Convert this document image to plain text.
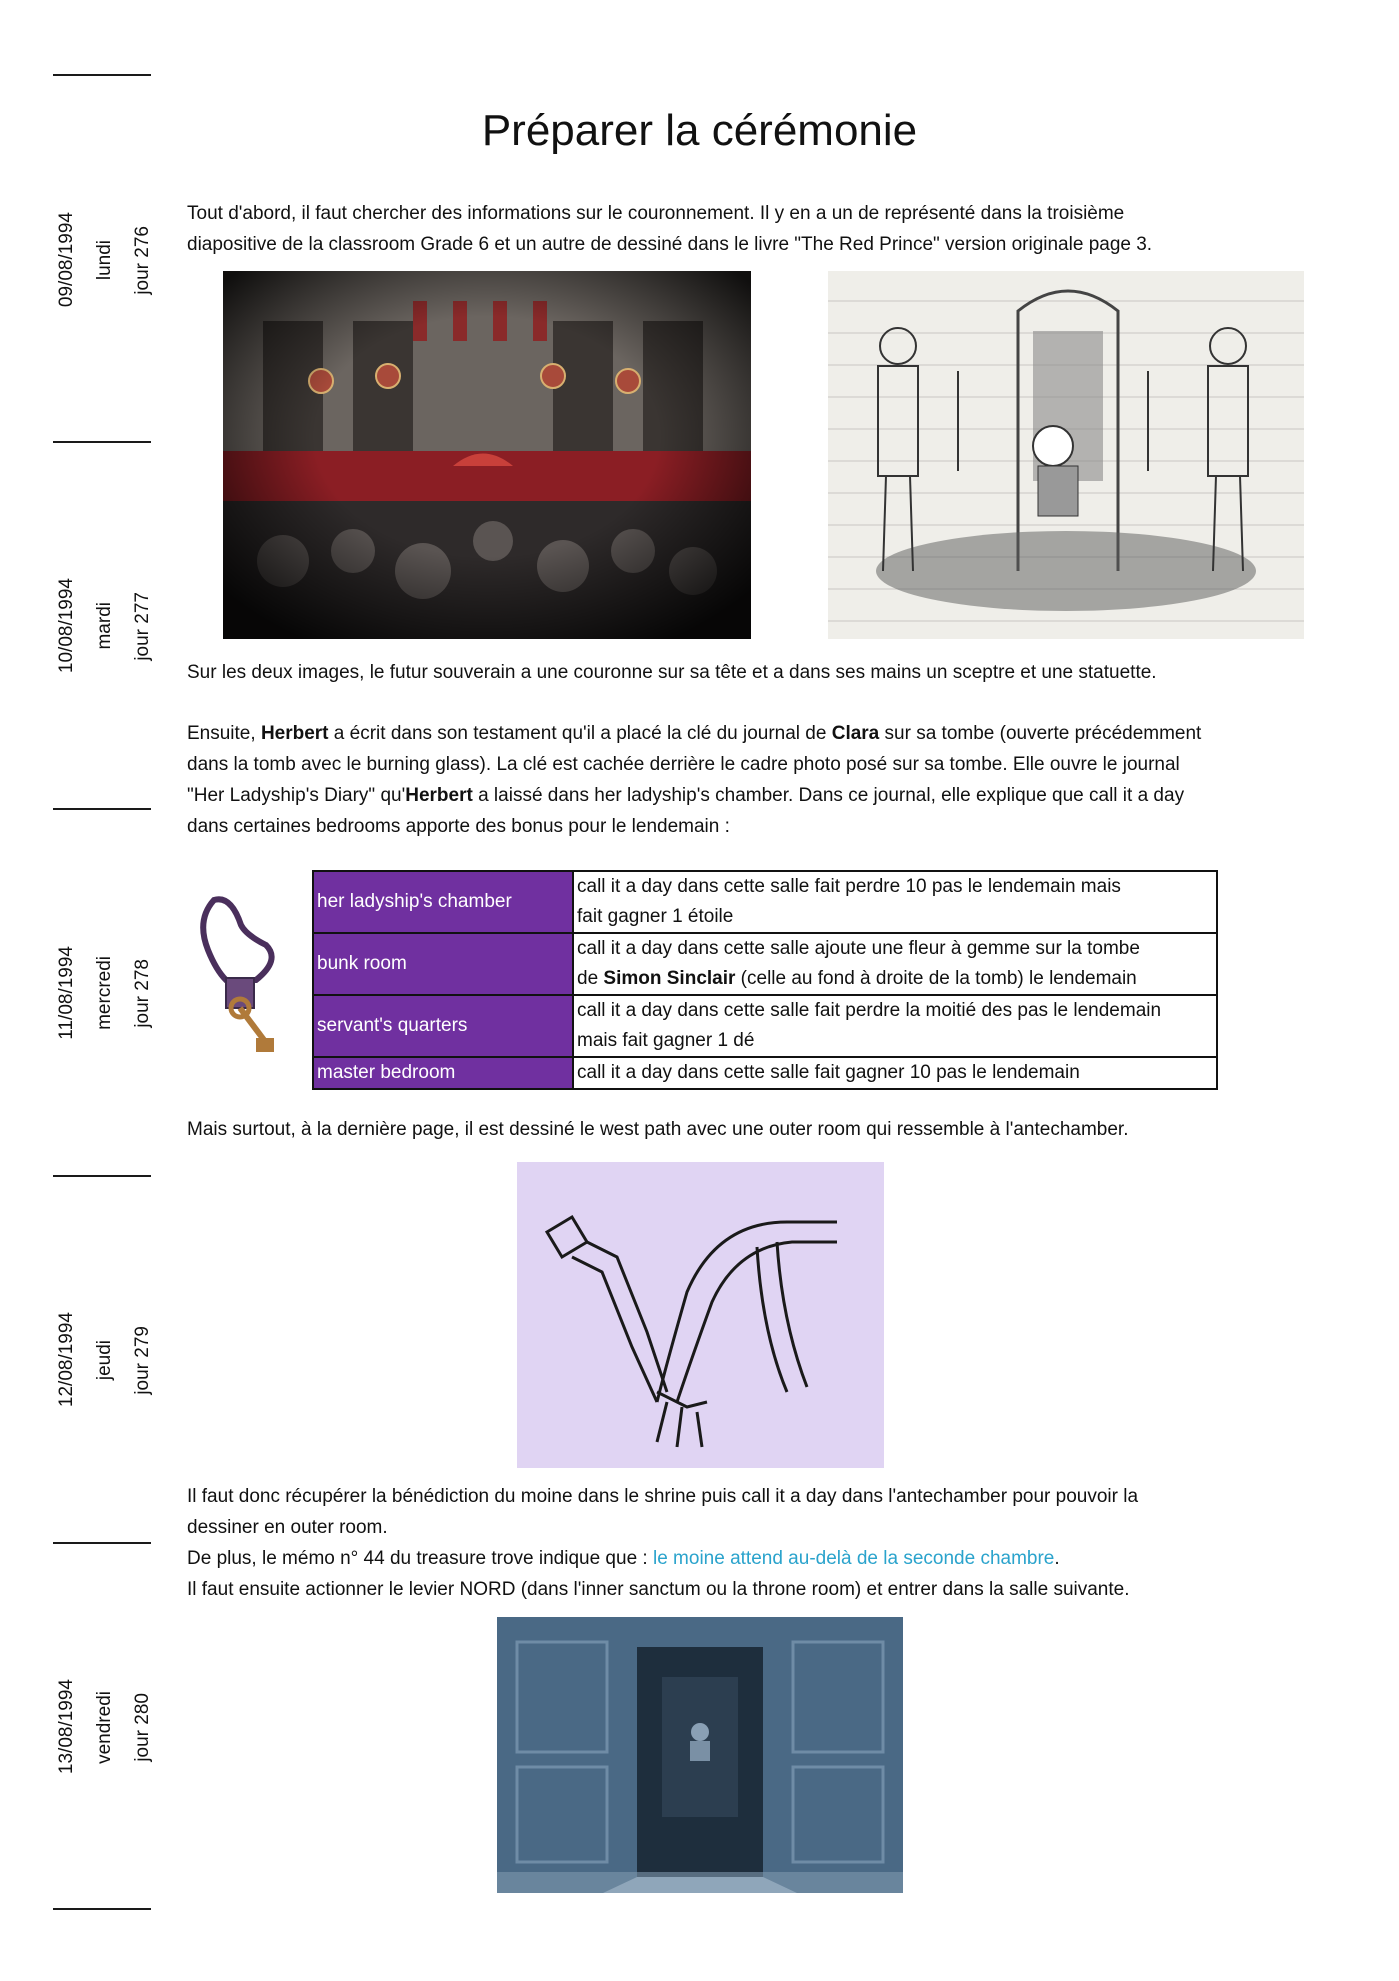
09/08/1994 lundi jour 276
10/08/1994 mardi jour 277
11/08/1994 mercredi jour 278
12/08/1994 jeudi jour 279
13/08/1994 vendredi jour 280
Préparer la cérémonie

Tout d'abord, il faut chercher des informations sur le couronnement. Il y en a un de représenté dans la troisième
diapositive de la classroom Grade 6 et un autre de dessiné dans le livre "The Red Prince" version originale page 3.

Sur les deux images, le futur souverain a une couronne sur sa tête et a dans ses mains un sceptre et une statuette.

Ensuite, Herbert a écrit dans son testament qu'il a placé la clé du journal de Clara sur sa tombe (ouverte précédemment
dans la tomb avec le burning glass). La clé est cachée derrière le cadre photo posé sur sa tombe. Elle ouvre le journal
"Her Ladyship's Diary" qu'Herbert a laissé dans her ladyship's chamber. Dans ce journal, elle explique que call it a day
dans certaines bedrooms apporte des bonus pour le lendemain :

her ladyship's chamber	call it a day dans cette salle fait perdre 10 pas le lendemain mais
fait gagner 1 étoile
bunk room	call it a day dans cette salle ajoute une fleur à gemme sur la tombe
de Simon Sinclair (celle au fond à droite de la tomb) le lendemain
servant's quarters	call it a day dans cette salle fait perdre la moitié des pas le lendemain
mais fait gagner 1 dé
master bedroom	call it a day dans cette salle fait gagner 10 pas le lendemain

Mais surtout, à la dernière page, il est dessiné le west path avec une outer room qui ressemble à l'antechamber.

Il faut donc récupérer la bénédiction du moine dans le shrine puis call it a day dans l'antechamber pour pouvoir la
dessiner en outer room.
De plus, le mémo n° 44 du treasure trove indique que : le moine attend au-delà de la seconde chambre.
Il faut ensuite actionner le levier NORD (dans l'inner sanctum ou la throne room) et entrer dans la salle suivante.
